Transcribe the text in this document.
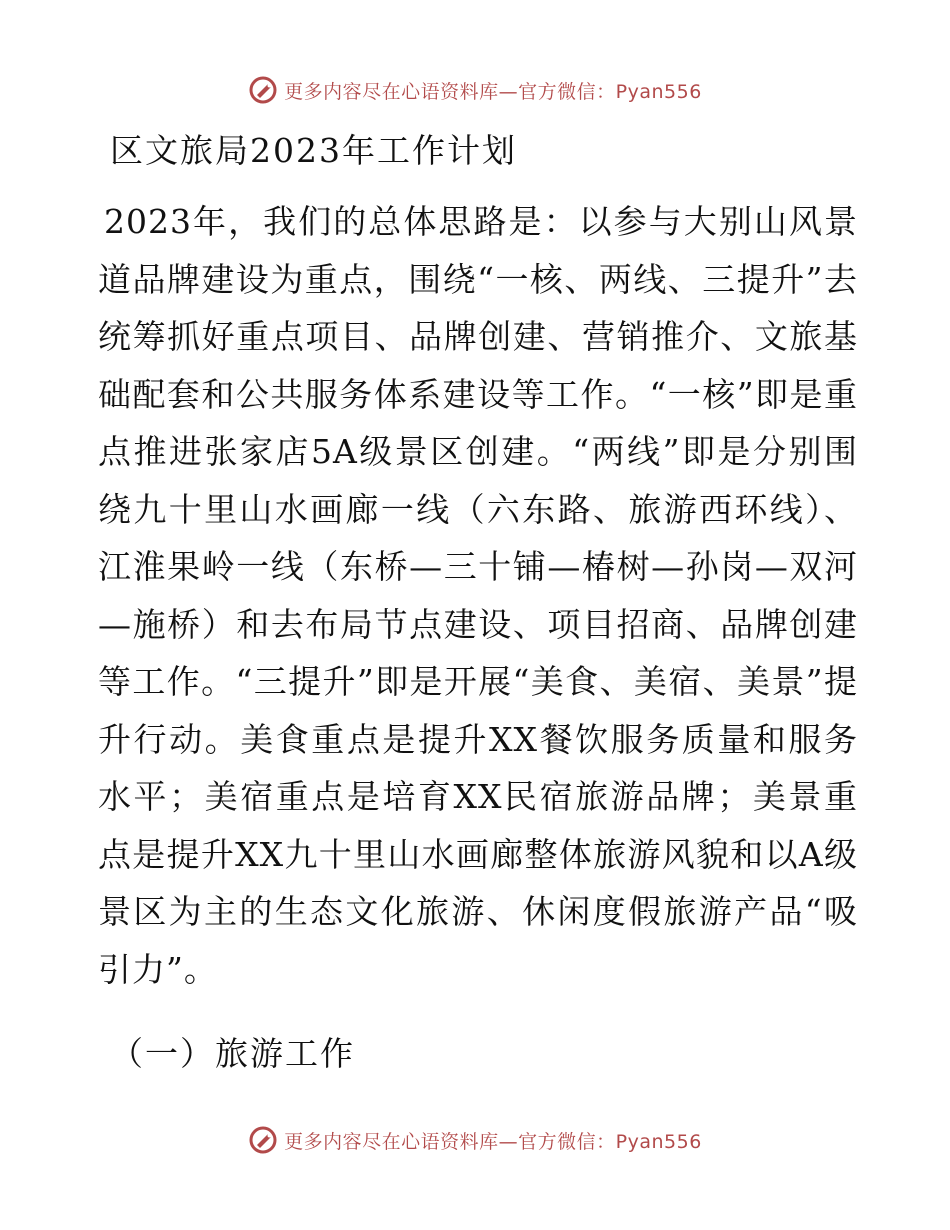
更多内容尽在心语资料库—官方微信：Pyan556
区文旅局2023年工作计划
2023年，我们的总体思路是：以参与大别山风景道品牌建设为重点，围绕“一核、两线、三提升”去统筹抓好重点项目、品牌创建、营销推介、文旅基础配套和公共服务体系建设等工作。“一核”即是重点推进张家店5A级景区创建。“两线”即是分别围绕九十里山水画廊一线（六东路、旅游西环线）、江淮果岭一线（东桥—三十铺—椿树—孙岗—双河—施桥）和去布局节点建设、项目招商、品牌创建等工作。“三提升”即是开展“美食、美宿、美景”提升行动。美食重点是提升XX餐饮服务质量和服务水平；美宿重点是培育XX民宿旅游品牌；美景重点是提升XX九十里山水画廊整体旅游风貌和以A级景区为主的生态文化旅游、休闲度假旅游产品“吸引力”。
（一）旅游工作
更多内容尽在心语资料库—官方微信：Pyan556
